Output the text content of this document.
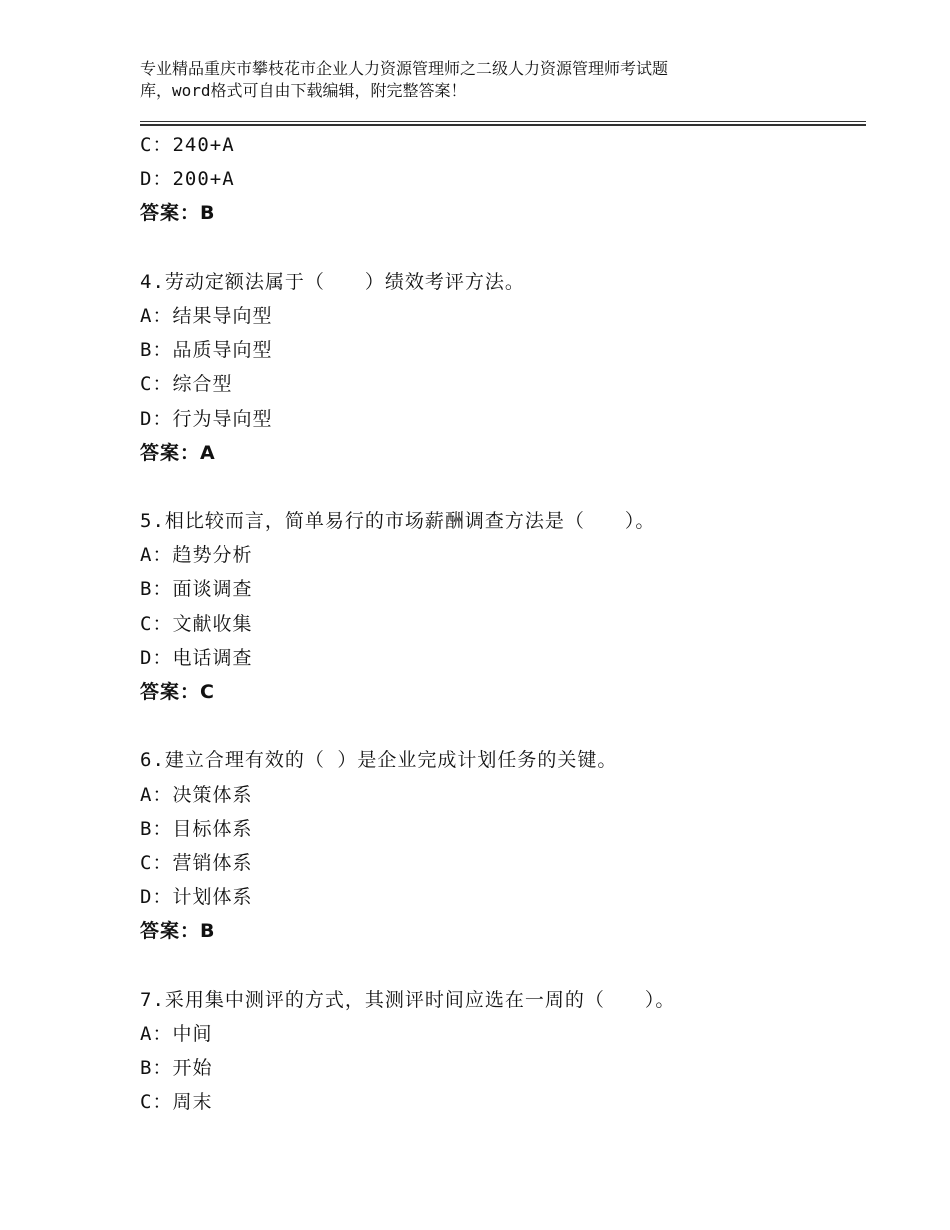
专业精品重庆市攀枝花市企业人力资源管理师之二级人力资源管理师考试题
库，word格式可自由下载编辑，附完整答案！
C：240+A
D：200+A
答案：B
4.劳动定额法属于（　　）绩效考评方法。
A：结果导向型
B：品质导向型
C：综合型
D：行为导向型
答案：A
5.相比较而言，简单易行的市场薪酬调查方法是（　　）。
A：趋势分析
B：面谈调查
C：文献收集
D：电话调查
答案：C
6.建立合理有效的（ ）是企业完成计划任务的关键。
A：决策体系
B：目标体系
C：营销体系
D：计划体系
答案：B
7.采用集中测评的方式，其测评时间应选在一周的（　　）。
A：中间
B：开始
C：周末
